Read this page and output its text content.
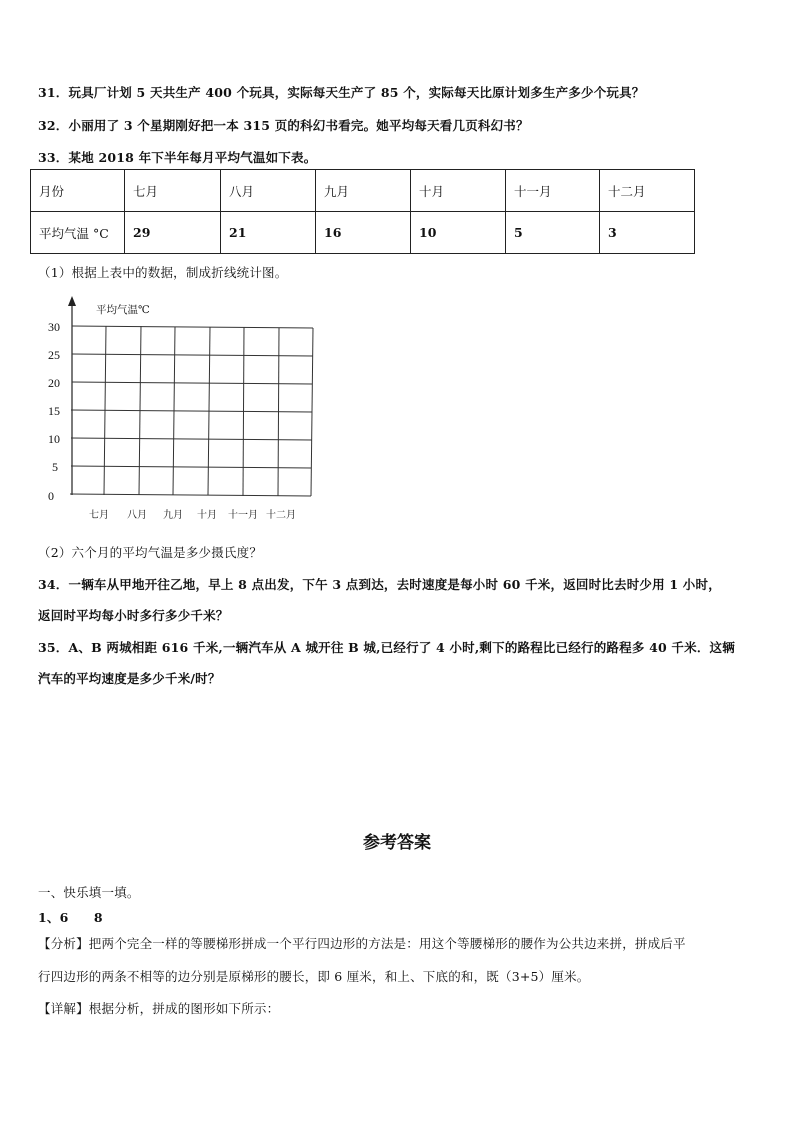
31．玩具厂计划 5 天共生产 400 个玩具，实际每天生产了 85 个，实际每天比原计划多生产多少个玩具？
32．小丽用了 3 个星期刚好把一本 315 页的科幻书看完。她平均每天看几页科幻书？
33．某地 2018 年下半年每月平均气温如下表。
月份	七月	八月	九月	十月	十一月	十二月
平均气温 °C	29	21	16	10	5	3
（1）根据上表中的数据，制成折线统计图。
平均气温℃
30
25
20
15
10
5
0
七月 八月 九月 十月 十一月 十二月
（2）六个月的平均气温是多少摄氏度？
34．一辆车从甲地开往乙地，早上 8 点出发，下午 3 点到达，去时速度是每小时 60 千米，返回时比去时少用 1 小时，
返回时平均每小时多行多少千米？
35．A、B 两城相距 616 千米,一辆汽车从 A 城开往 B 城,已经行了 4 小时,剩下的路程比已经行的路程多 40 千米．这辆
汽车的平均速度是多少千米/时？
参考答案
一、快乐填一填。
1、6　　8
【分析】把两个完全一样的等腰梯形拼成一个平行四边形的方法是：用这个等腰梯形的腰作为公共边来拼，拼成后平
行四边形的两条不相等的边分别是原梯形的腰长，即 6 厘米，和上、下底的和，既（3+5）厘米。
【详解】根据分析，拼成的图形如下所示：
